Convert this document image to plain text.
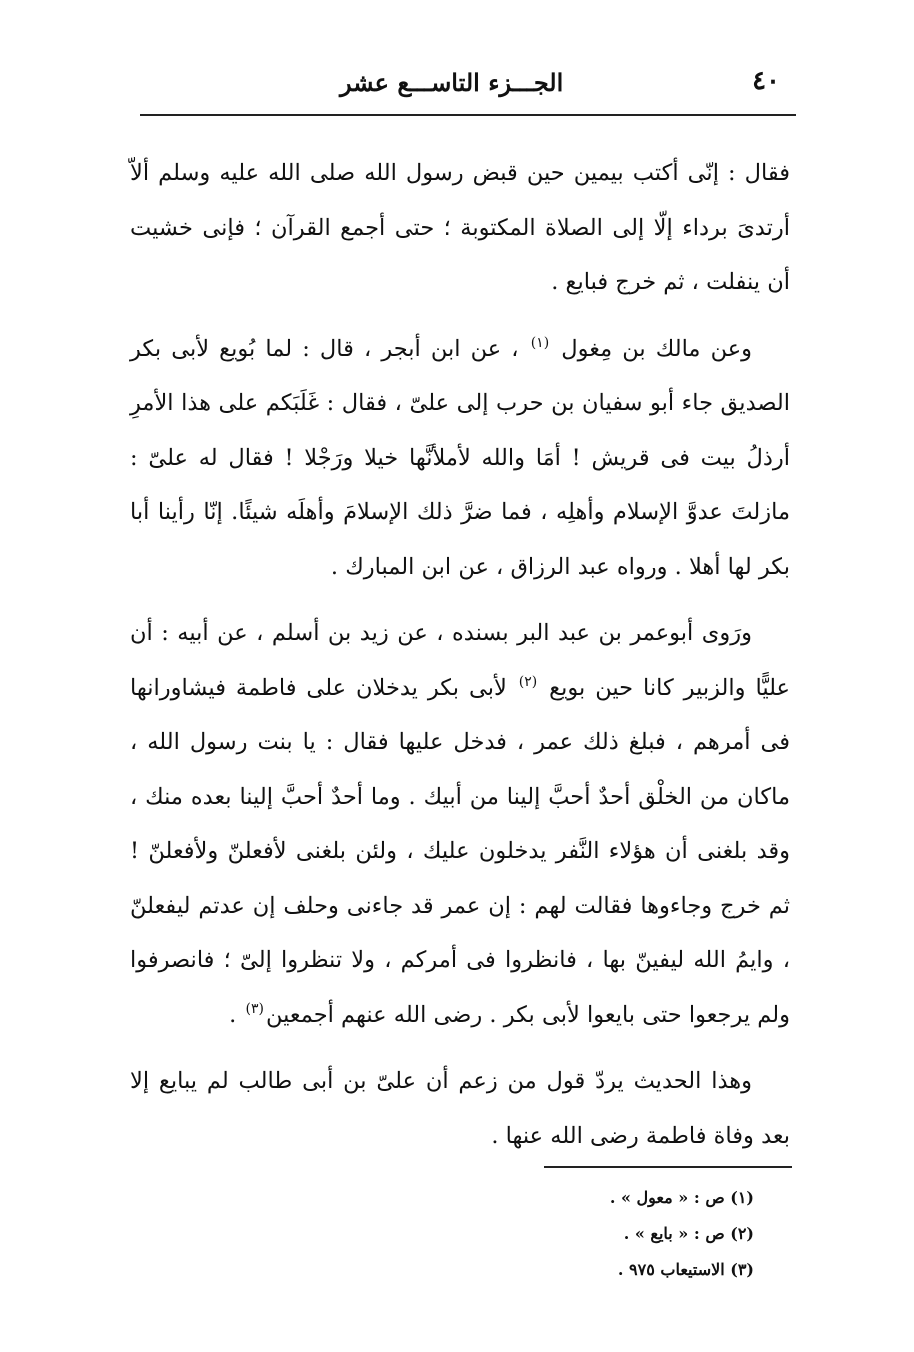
٤٠
الجـــزء التاســـع عشر

فقال : إنّى أكتب بيمين حين قبض رسول الله صلى الله عليه وسلم ألاّ أرتدىَ برداء إلّا إلى الصلاة المكتوبة ؛ حتى أجمع القرآن ؛ فإنى خشيت أن ينفلت ، ثم خرج فبايع .

وعن مالك بن مِغول $^{(١)}$ ، عن ابن أبجر ، قال : لما بُويع لأبى بكر الصديق جاء أبو سفيان بن حرب إلى علىّ ، فقال : غَلَبَكم على هذا الأمرِ أرذلُ بيت فى قريش ! أمَا والله لأملأنَّها خيلا ورَجْلا ! فقال له علىّ : مازلتَ عدوَّ الإسلام وأهلِه ، فما ضرَّ ذلك الإسلامَ وأهلَه شيئًا. إنّا رأينا أبا بكر لها أهلا . ورواه عبد الرزاق ، عن ابن المبارك .

ورَوى أبوعمر بن عبد البر بسنده ، عن زيد بن أسلم ، عن أبيه : أن عليًّا والزبير كانا حين بويع $^{(٢)}$ لأبى بكر يدخلان على فاطمة فيشاورانها فى أمرهم ، فبلغ ذلك عمر ، فدخل عليها فقال : يا بنت رسول الله ، ماكان من الخلْق أحدٌ أحبَّ إلينا من أبيك . وما أحدٌ أحبَّ إلينا بعده منك ، وقد بلغنى أن هؤلاء النَّفر يدخلون عليك ، ولئن بلغنى لأفعلنّ ولأفعلنّ ! ثم خرج وجاءوها فقالت لهم : إن عمر قد جاءنى وحلف إن عدتم ليفعلنّ ، وايمُ الله ليفينّ بها ، فانظروا فى أمركم ، ولا تنظروا إلىّ ؛ فانصرفوا ولم يرجعوا حتى بايعوا لأبى بكر . رضى الله عنهم أجمعين$^{(٣)}$ .

وهذا الحديث يردّ قول من زعم أن علىّ بن أبى طالب لم يبايع إلا بعد وفاة فاطمة رضى الله عنها .

(١) ص : « معول » .
(٢) ص : « بايع » .
(٣) الاستيعاب ٩٧٥ .
